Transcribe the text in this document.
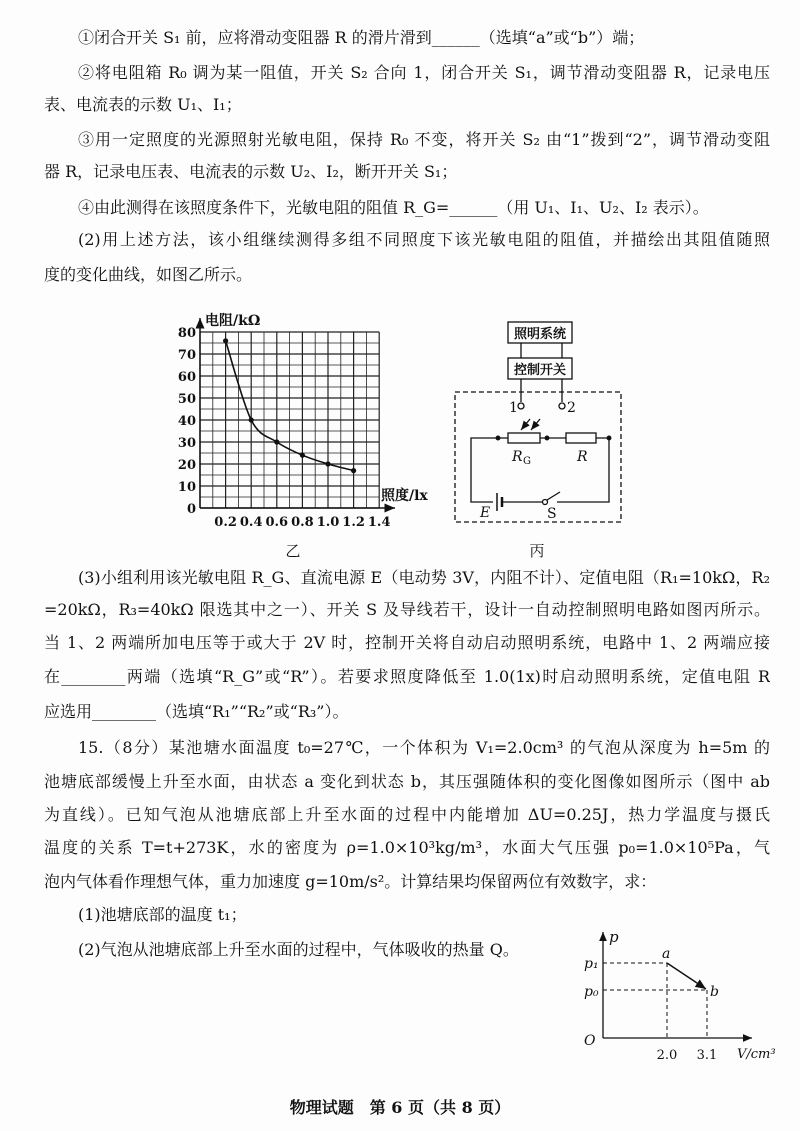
①闭合开关 S₁ 前，应将滑动变阻器 R 的滑片滑到______（选填“a”或“b”）端；
②将电阻箱 R₀ 调为某一阻值，开关 S₂ 合向 1，闭合开关 S₁，调节滑动变阻器 R，记录电压
表、电流表的示数 U₁、I₁；
③用一定照度的光源照射光敏电阻，保持 R₀ 不变，将开关 S₂ 由“1”拨到“2”，调节滑动变阻
器 R，记录电压表、电流表的示数 U₂、I₂，断开开关 S₁；
④由此测得在该照度条件下，光敏电阻的阻值 R_G=______（用 U₁、I₁、U₂、I₂ 表示）。
(2)用上述方法，该小组继续测得多组不同照度下该光敏电阻的阻值，并描绘出其阻值随照
度的变化曲线，如图乙所示。
(3)小组利用该光敏电阻 R_G、直流电源 E（电动势 3V，内阻不计）、定值电阻（R₁=10kΩ，R₂
=20kΩ，R₃=40kΩ 限选其中之一）、开关 S 及导线若干，设计一自动控制照明电路如图丙所示。
当 1、2 两端所加电压等于或大于 2V 时，控制开关将自动启动照明系统，电路中 1、2 两端应接
在________两端（选填“R_G”或“R”）。若要求照度降低至 1.0(1x)时启动照明系统，定值电阻 R
应选用________（选填“R₁”“R₂”或“R₃”）。
15.（8分）某池塘水面温度 t₀=27℃，一个体积为 V₁=2.0cm³ 的气泡从深度为 h=5m 的
池塘底部缓慢上升至水面，由状态 a 变化到状态 b，其压强随体积的变化图像如图所示（图中 ab
为直线）。已知气泡从池塘底部上升至水面的过程中内能增加 ΔU=0.25J，热力学温度与摄氏
温度的关系 T=t+273K，水的密度为 ρ=1.0×10³kg/m³，水面大气压强 p₀=1.0×10⁵Pa，气
泡内气体看作理想气体，重力加速度 g=10m/s²。计算结果均保留两位有效数字，求：
(1)池塘底部的温度 t₁；
(2)气泡从池塘底部上升至水面的过程中，气体吸收的热量 Q。
物理试题　第 6 页（共 8 页）
电阻/kΩ
照度/lx
0
10
20
30
40
50
60
70
80
0.2 0.4 0.6 0.8 1.0 1.2 1.4
乙
照明系统
控制开关
1	2
R G	R
E	S
丙
p
V/cm³
O
p₁
p₀
a
b
2.0 3.1
